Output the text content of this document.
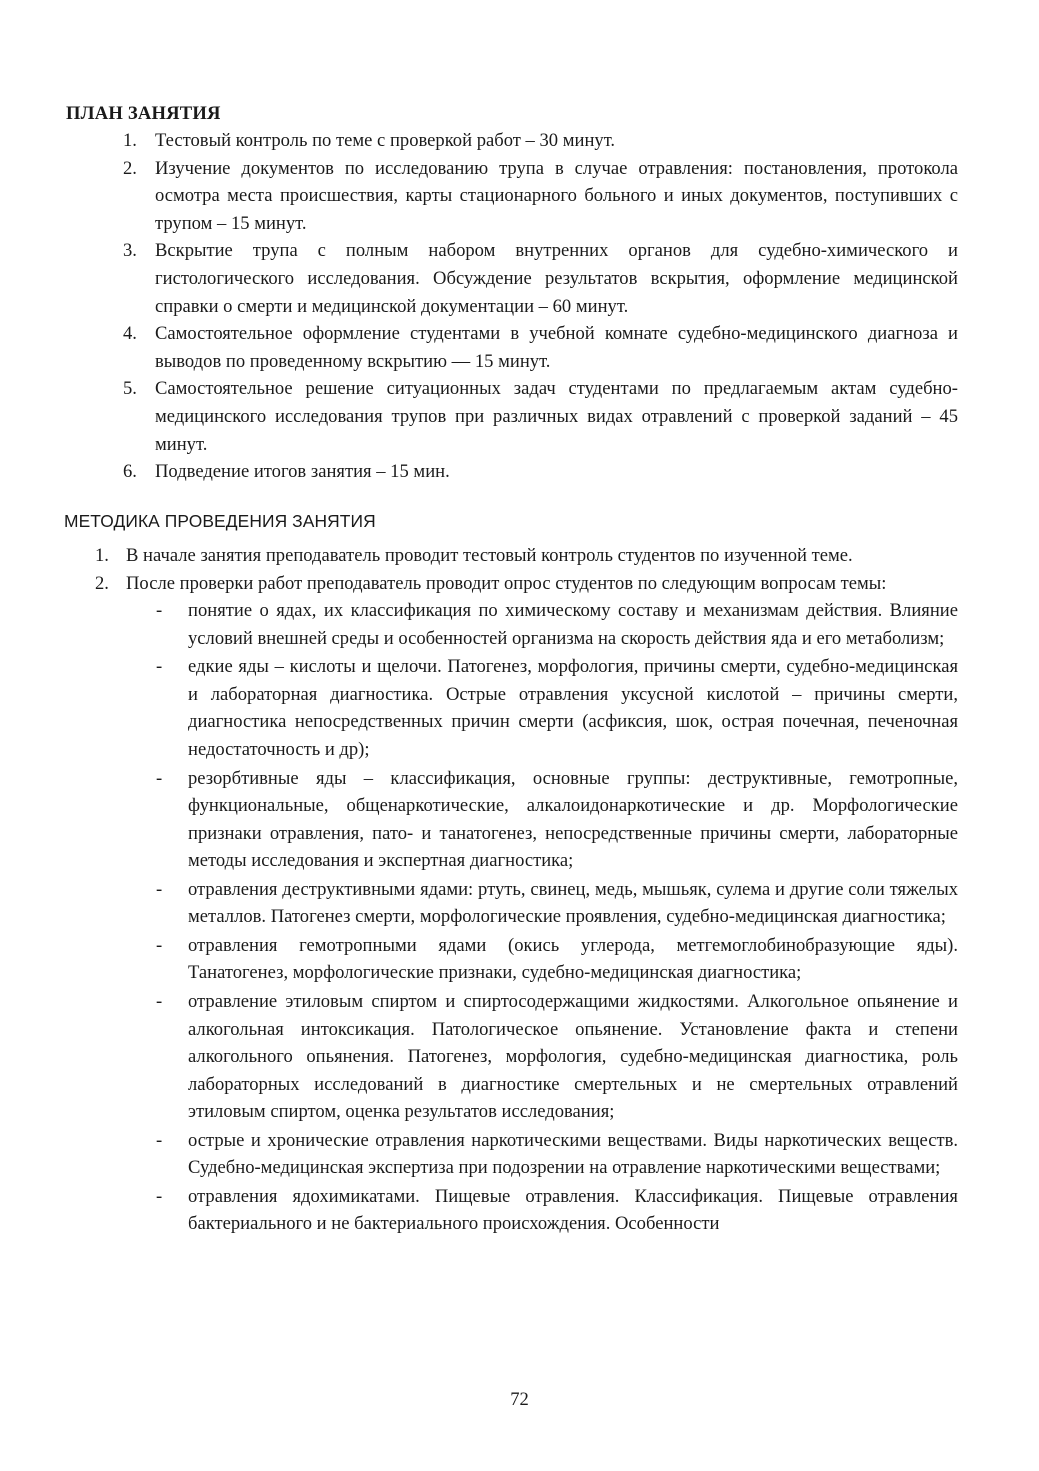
ПЛАН ЗАНЯТИЯ
1. Тестовый контроль по теме с проверкой работ – 30 минут.
2. Изучение документов по исследованию трупа в случае отравления: постановления, протокола осмотра места происшествия, карты стационарного больного и иных документов, поступивших с трупом – 15 минут.
3. Вскрытие трупа с полным набором внутренних органов для судебно-химического и гистологического исследования. Обсуждение результатов вскрытия, оформление медицинской справки о смерти и медицинской документации – 60 минут.
4. Самостоятельное оформление студентами в учебной комнате судебно-медицинского диагноза и выводов по проведенному вскрытию — 15 минут.
5. Самостоятельное решение ситуационных задач студентами по предлагаемым актам судебно-медицинского исследования трупов при различных видах отравлений с проверкой заданий – 45 минут.
6. Подведение итогов занятия – 15 мин.
МЕТОДИКА ПРОВЕДЕНИЯ ЗАНЯТИЯ
1. В начале занятия преподаватель проводит тестовый контроль студентов по изученной теме.
2. После проверки работ преподаватель проводит опрос студентов по следующим вопросам темы:
- понятие о ядах, их классификация по химическому составу и механизмам действия. Влияние условий внешней среды и особенностей организма на скорость действия яда и его метаболизм;
- едкие яды – кислоты и щелочи. Патогенез, морфология, причины смерти, судебно-медицинская и лабораторная диагностика. Острые отравления уксусной кислотой – причины смерти, диагностика непосредственных причин смерти (асфиксия, шок, острая почечная, печеночная недостаточность и др);
- резорбтивные яды – классификация, основные группы: деструктивные, гемотропные, функциональные, общенаркотические, алкалоидонаркотические и др. Морфологические признаки отравления, пато- и танатогенез, непосредственные причины смерти, лабораторные методы исследования и экспертная диагностика;
- отравления деструктивными ядами: ртуть, свинец, медь, мышьяк, сулема и другие соли тяжелых металлов. Патогенез смерти, морфологические проявления, судебно-медицинская диагностика;
- отравления гемотропными ядами (окись углерода, метгемоглобинобразующие яды). Танатогенез, морфологические признаки, судебно-медицинская диагностика;
- отравление этиловым спиртом и спиртосодержащими жидкостями. Алкогольное опьянение и алкогольная интоксикация. Патологическое опьянение. Установление факта и степени алкогольного опьянения. Патогенез, морфология, судебно-медицинская диагностика, роль лабораторных исследований в диагностике смертельных и не смертельных отравлений этиловым спиртом, оценка результатов исследования;
- острые и хронические отравления наркотическими веществами. Виды наркотических веществ. Судебно-медицинская экспертиза при подозрении на отравление наркотическими веществами;
- отравления ядохимикатами. Пищевые отравления. Классификация. Пищевые отравления бактериального и не бактериального происхождения. Особенности
72
